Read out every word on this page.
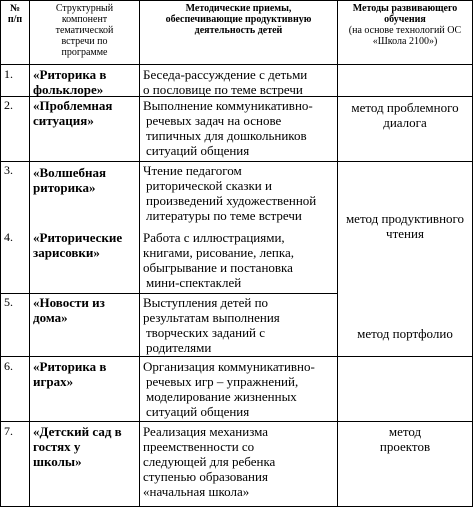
№
п/п
Структурный
компонент
тематической
встречи по
программе
Методические приемы,
обеспечивающие продуктивную
деятельность детей
Методы развивающего
обучения
(на основе технологий ОС
«Школа 2100»)
1. «Риторика в
фольклоре»
Беседа-рассуждение с детьми
о пословице по теме встречи
2. «Проблемная
ситуация»
Выполнение коммуникативно-
речевых задач на основе
типичных для дошкольников
ситуаций общения
метод проблемного
диалога
3. «Волшебная
риторика»
Чтение педагогом
риторической сказки и
произведений художественной
литературы по теме встречи
4. «Риторические
зарисовки»
Работа с иллюстрациями,
книгами, рисование, лепка,
обыгрывание и постановка
мини-спектаклей
метод продуктивного
чтения
5. «Новости из
дома»
Выступления детей по
результатам выполнения
творческих заданий с
родителями
6. «Риторика в
играх»
Организация коммуникативно-
речевых игр – упражнений,
моделирование жизненных
ситуаций общения
метод портфолио
7. «Детский сад в
гостях у
школы»
Реализация механизма
преемственности со
следующей для ребенка
ступенью образования
«начальная школа»
метод
проектов
